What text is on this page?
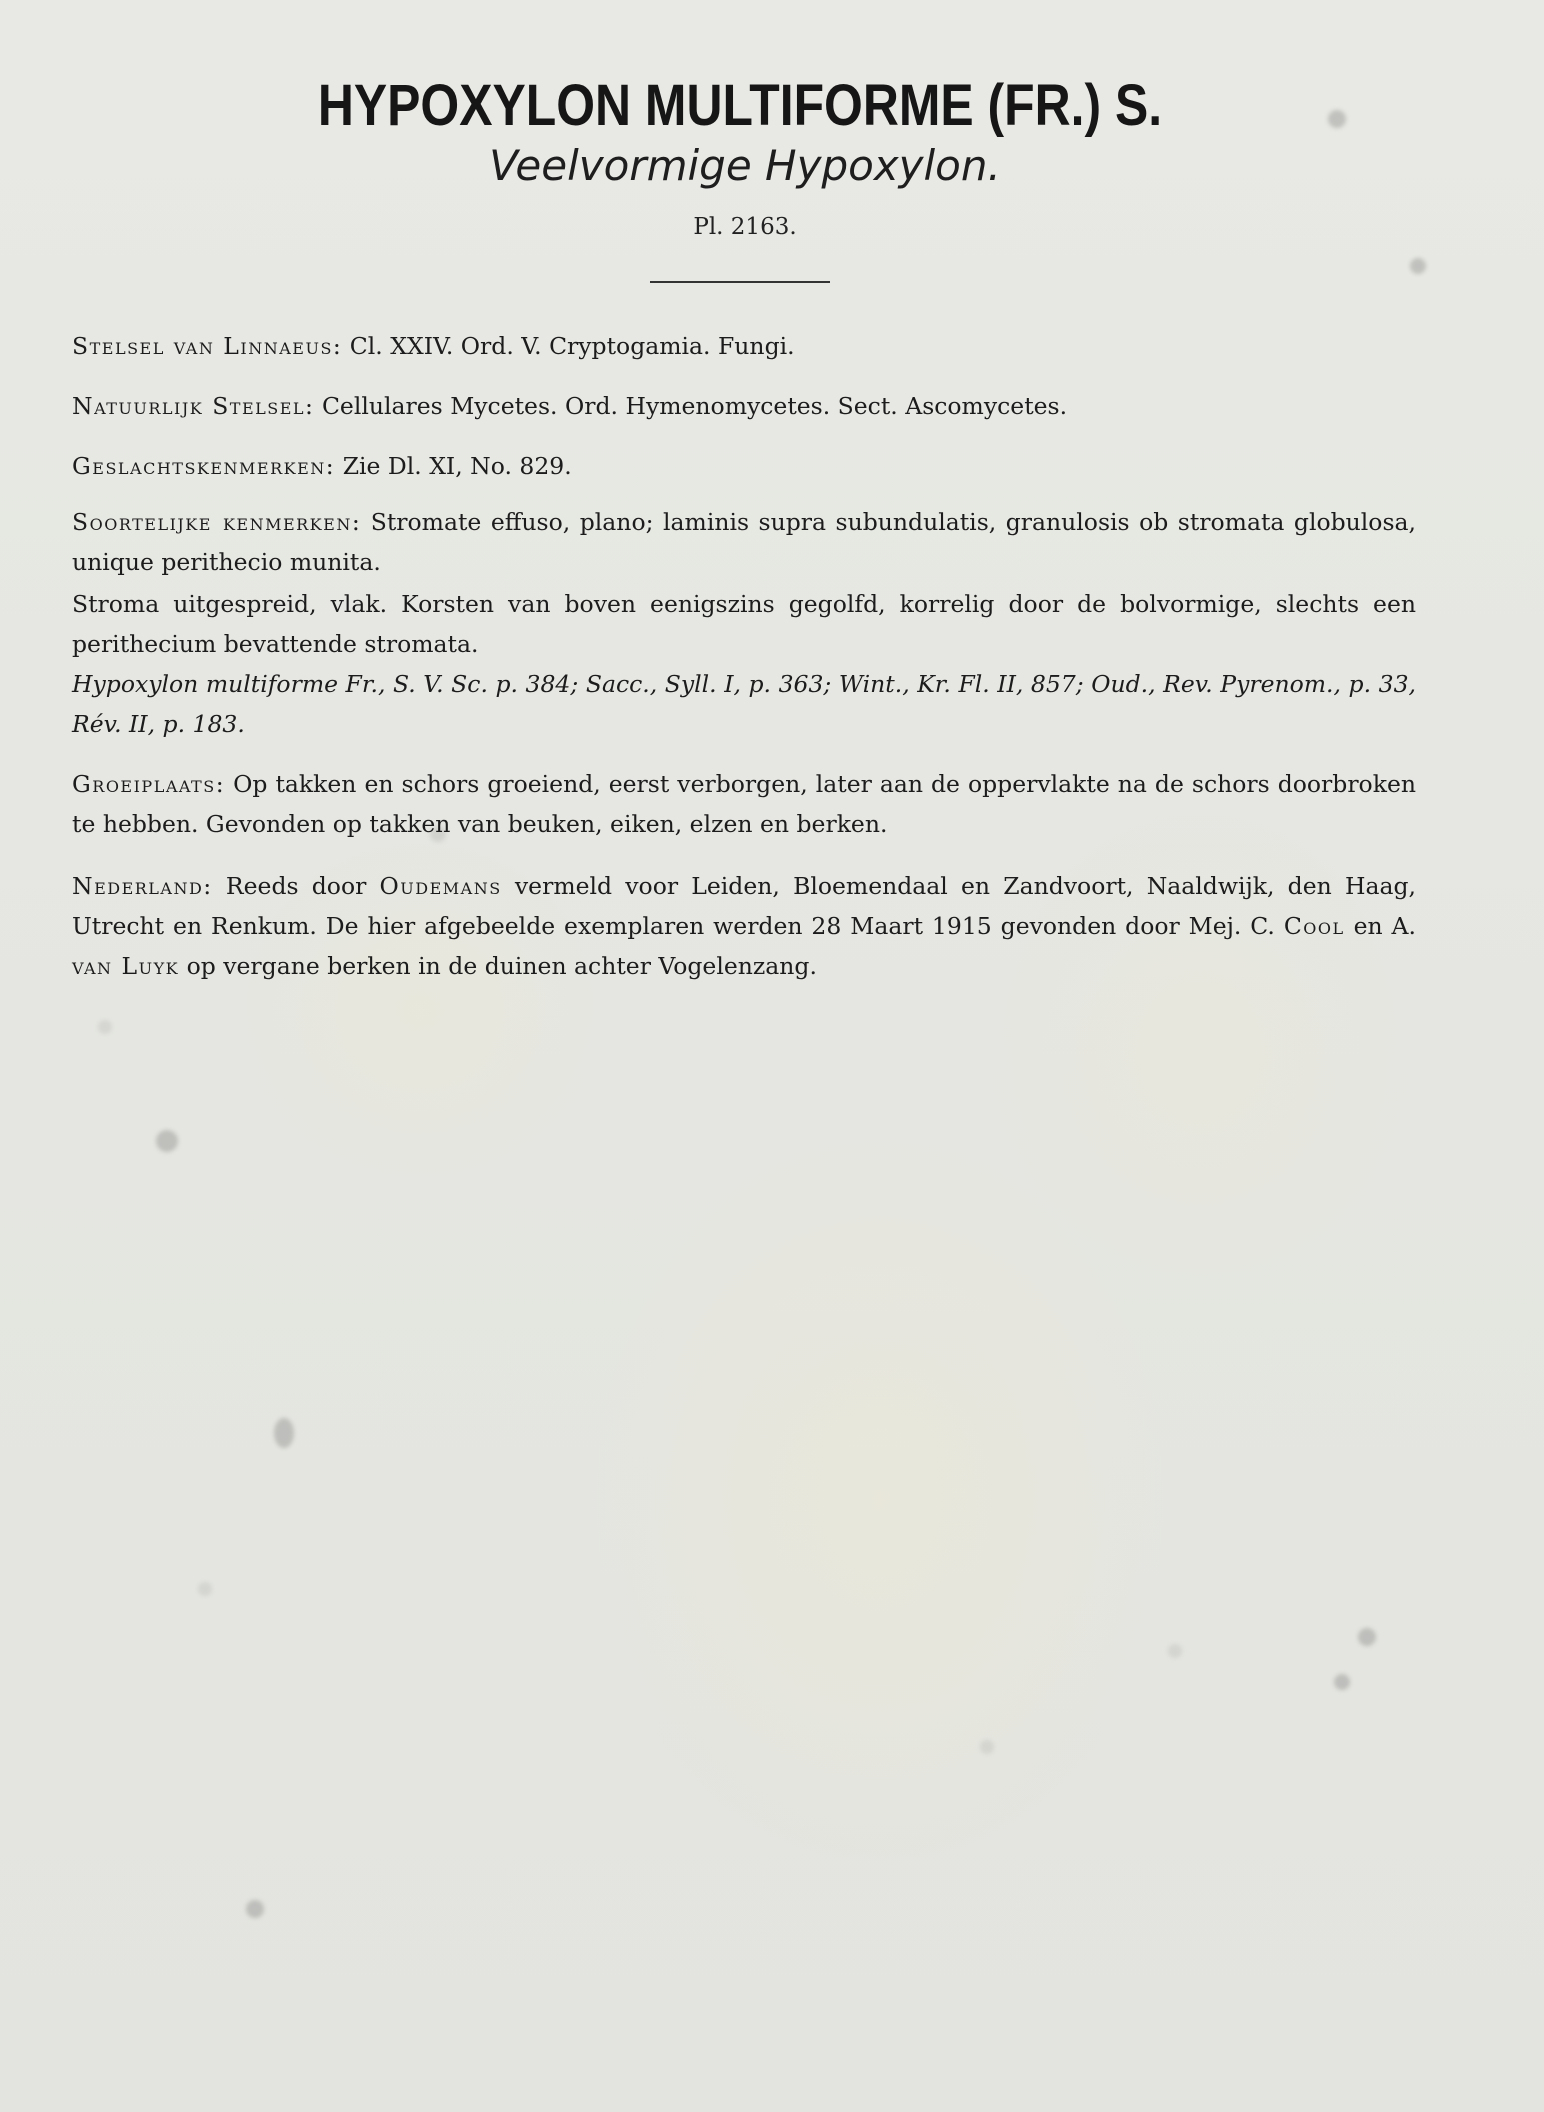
HYPOXYLON MULTIFORME (FR.) S.
Veelvormige Hypoxylon.
Pl. 2163.
Stelsel van Linnaeus: Cl. XXIV. Ord. V. Cryptogamia. Fungi.
Natuurlijk Stelsel: Cellulares Mycetes. Ord. Hymenomycetes. Sect. Ascomycetes.
Geslachtskenmerken: Zie Dl. XI, No. 829.
Soortelijke kenmerken: Stromate effuso, plano; laminis supra subundulatis, granulosis ob stromata globulosa, unique perithecio munita.
Stroma uitgespreid, vlak. Korsten van boven eenigszins gegolfd, korrelig door de bolvormige, slechts een perithecium bevattende stromata.
Hypoxylon multiforme Fr., S. V. Sc. p. 384; Sacc., Syll. I, p. 363; Wint., Kr. Fl. II, 857; Oud., Rev. Pyrenom., p. 33, Rév. II, p. 183.
Groeiplaats: Op takken en schors groeiend, eerst verborgen, later aan de oppervlakte na de schors doorbroken te hebben. Gevonden op takken van beuken, eiken, elzen en berken.
Nederland: Reeds door Oudemans vermeld voor Leiden, Bloemendaal en Zandvoort, Naaldwijk, den Haag, Utrecht en Renkum. De hier afgebeelde exemplaren werden 28 Maart 1915 gevonden door Mej. C. Cool en A. van Luyk op vergane berken in de duinen achter Vogelenzang.
